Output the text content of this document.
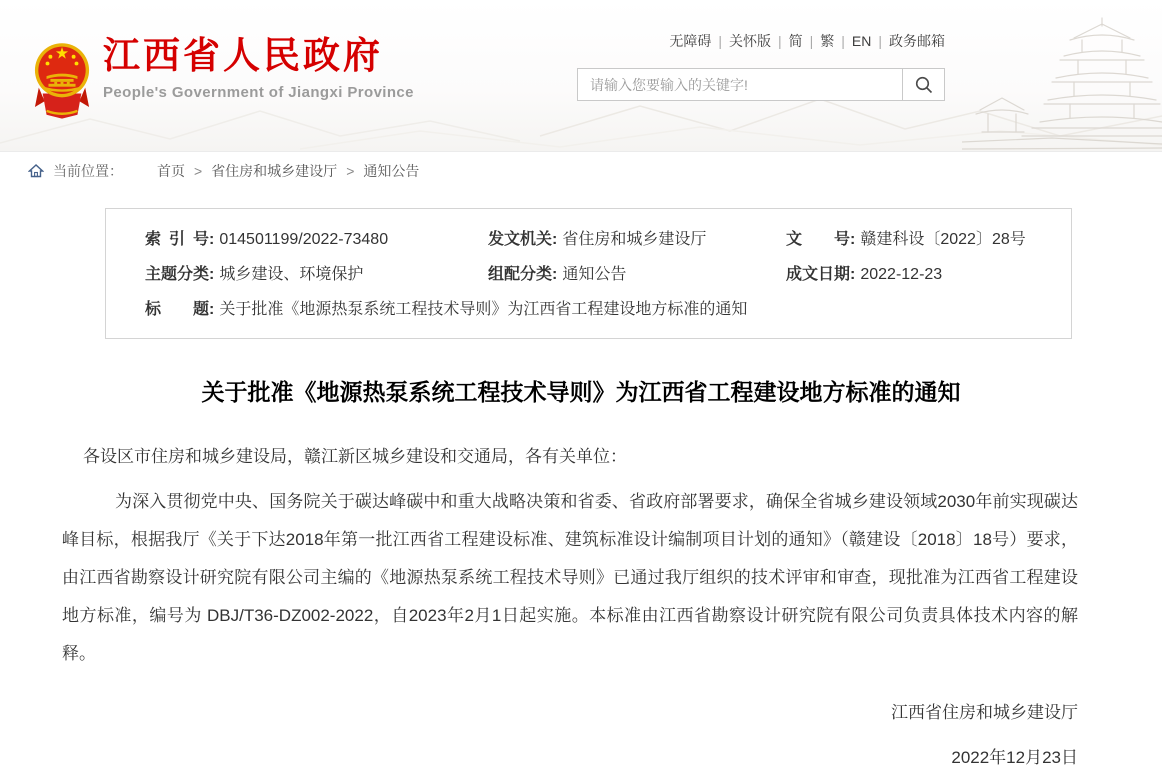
江西省人民政府
People's Government of Jiangxi Province
无障碍 | 关怀版 | 简 | 繁 | EN | 政务邮箱
请输入您要输入的关键字!
当前位置： 首页 > 省住房和城乡建设厅 > 通知公告
索 引 号: 014501199/2022-73480	发文机关: 省住房和城乡建设厅	文　　号: 赣建科设〔2022〕28号
主题分类: 城乡建设、环境保护	组配分类: 通知公告	成文日期: 2022-12-23
标　　题: 关于批准《地源热泵系统工程技术导则》为江西省工程建设地方标准的通知
关于批准《地源热泵系统工程技术导则》为江西省工程建设地方标准的通知

各设区市住房和城乡建设局，赣江新区城乡建设和交通局，各有关单位：

为深入贯彻党中央、国务院关于碳达峰碳中和重大战略决策和省委、省政府部署要求，确保全省城乡建设领域2030年前实现碳达峰目标，根据我厅《关于下达2018年第一批江西省工程建设标准、建筑标准设计编制项目计划的通知》（赣建设〔2018〕18号）要求，由江西省勘察设计研究院有限公司主编的《地源热泵系统工程技术导则》已通过我厅组织的技术评审和审查，现批准为江西省工程建设地方标准，编号为 DBJ/T36-DZ002-2022，自2023年2月1日起实施。本标准由江西省勘察设计研究院有限公司负责具体技术内容的解释。

江西省住房和城乡建设厅
2022年12月23日
